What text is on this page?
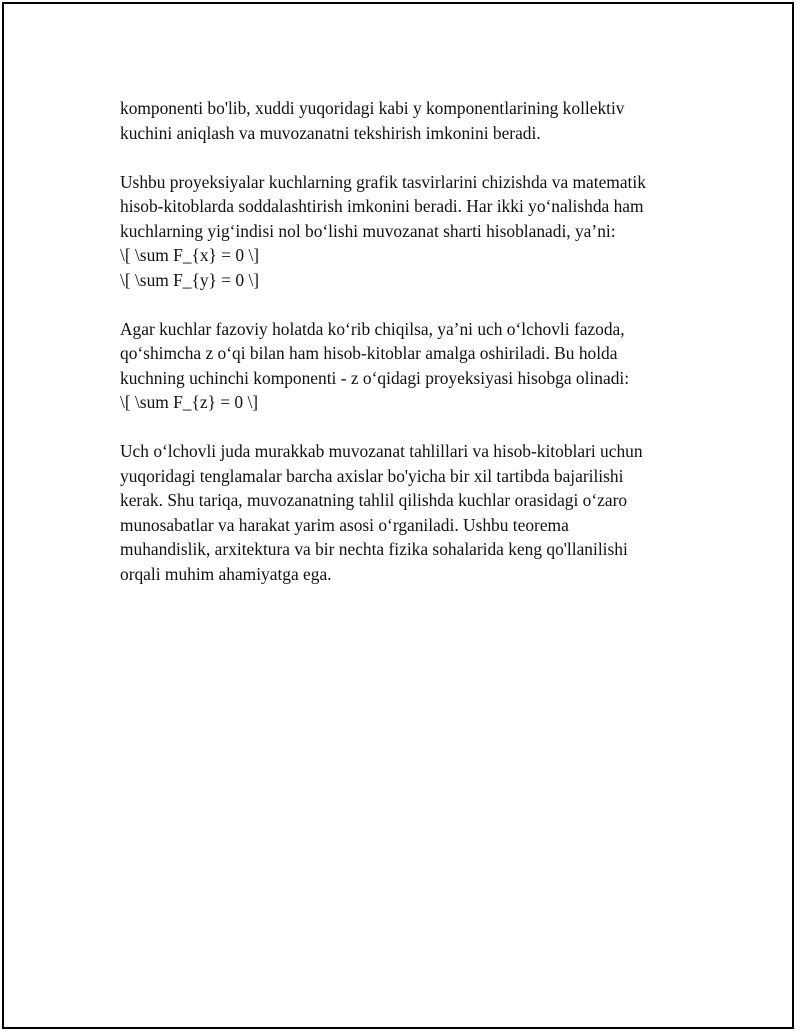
komponenti bo'lib, xuddi yuqoridagi kabi y komponentlarining kollektiv
kuchini aniqlash va muvozanatni tekshirish imkonini beradi.

Ushbu proyeksiyalar kuchlarning grafik tasvirlarini chizishda va matematik
hisob-kitoblarda soddalashtirish imkonini beradi. Har ikki yo‘nalishda ham
kuchlarning yig‘indisi nol bo‘lishi muvozanat sharti hisoblanadi, ya’ni:
\[ \sum F_{x} = 0 \]
\[ \sum F_{y} = 0 \]

Agar kuchlar fazoviy holatda ko‘rib chiqilsa, ya’ni uch o‘lchovli fazoda,
qo‘shimcha z o‘qi bilan ham hisob-kitoblar amalga oshiriladi. Bu holda
kuchning uchinchi komponenti - z o‘qidagi proyeksiyasi hisobga olinadi:
\[ \sum F_{z} = 0 \]

Uch o‘lchovli juda murakkab muvozanat tahlillari va hisob-kitoblari uchun
yuqoridagi tenglamalar barcha axislar bo'yicha bir xil tartibda bajarilishi
kerak. Shu tariqa, muvozanatning tahlil qilishda kuchlar orasidagi o‘zaro
munosabatlar va harakat yarim asosi o‘rganiladi. Ushbu teorema
muhandislik, arxitektura va bir nechta fizika sohalarida keng qo'llanilishi
orqali muhim ahamiyatga ega.
